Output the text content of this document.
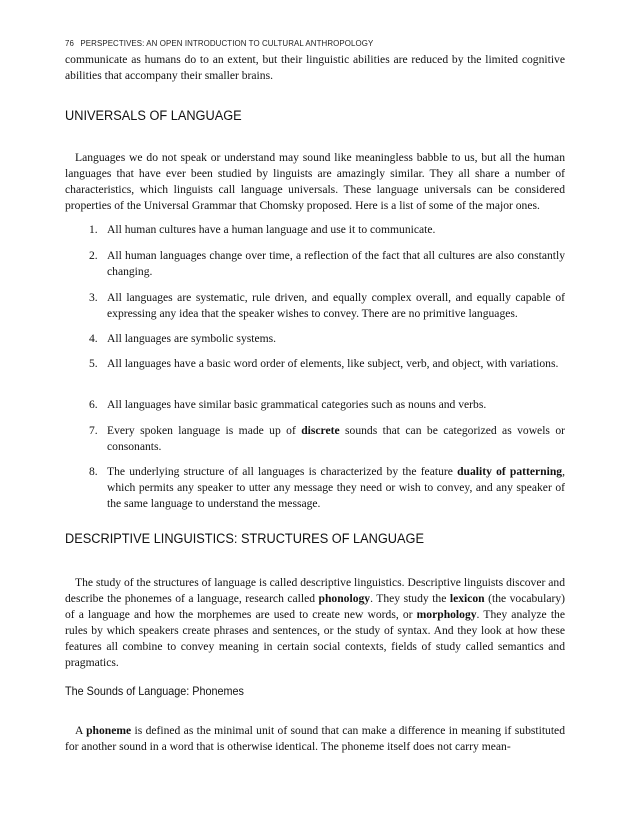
76 PERSPECTIVES: AN OPEN INTRODUCTION TO CULTURAL ANTHROPOLOGY

communicate as humans do to an extent, but their linguistic abilities are reduced by the limited cognitive abilities that accompany their smaller brains.

UNIVERSALS OF LANGUAGE

Languages we do not speak or understand may sound like meaningless babble to us, but all the human languages that have ever been studied by linguists are amazingly similar. They all share a number of characteristics, which linguists call language universals. These language universals can be considered properties of the Universal Grammar that Chomsky proposed. Here is a list of some of the major ones.

1. All human cultures have a human language and use it to communicate.
2. All human languages change over time, a reflection of the fact that all cultures are also constantly changing.
3. All languages are systematic, rule driven, and equally complex overall, and equally capable of expressing any idea that the speaker wishes to convey. There are no primitive languages.
4. All languages are symbolic systems.
5. All languages have a basic word order of elements, like subject, verb, and object, with variations.
6. All languages have similar basic grammatical categories such as nouns and verbs.
7. Every spoken language is made up of discrete sounds that can be categorized as vowels or consonants.
8. The underlying structure of all languages is characterized by the feature duality of patterning, which permits any speaker to utter any message they need or wish to convey, and any speaker of the same language to understand the message.
DESCRIPTIVE LINGUISTICS: STRUCTURES OF LANGUAGE

The study of the structures of language is called descriptive linguistics. Descriptive linguists discover and describe the phonemes of a language, research called phonology. They study the lexicon (the vocabulary) of a language and how the morphemes are used to create new words, or morphology. They analyze the rules by which speakers create phrases and sentences, or the study of syntax. And they look at how these features all combine to convey meaning in certain social contexts, fields of study called semantics and pragmatics.

The Sounds of Language: Phonemes

A phoneme is defined as the minimal unit of sound that can make a difference in meaning if substituted for another sound in a word that is otherwise identical. The phoneme itself does not carry mean-
